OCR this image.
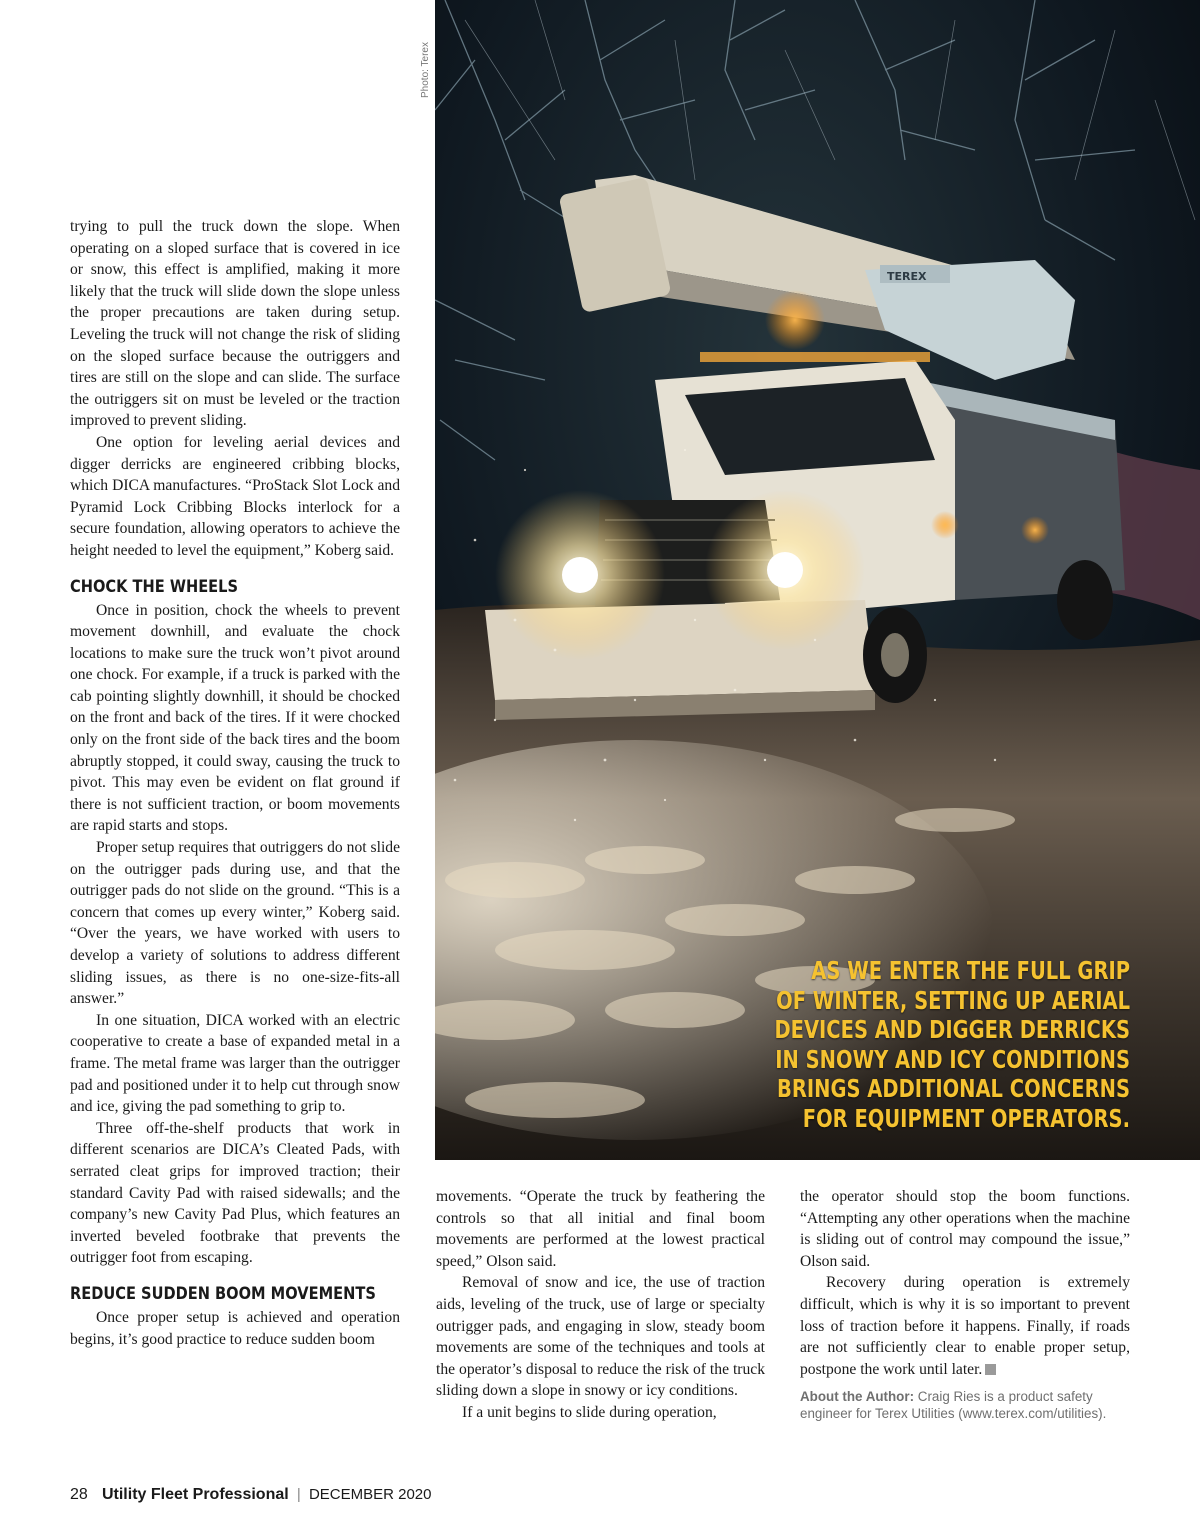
trying to pull the truck down the slope. When operating on a sloped surface that is covered in ice or snow, this effect is amplified, making it more likely that the truck will slide down the slope unless the proper precautions are taken during setup. Leveling the truck will not change the risk of sliding on the sloped surface because the outriggers and tires are still on the slope and can slide. The surface the outriggers sit on must be leveled or the traction improved to prevent sliding.

One option for leveling aerial devices and digger derricks are engineered cribbing blocks, which DICA manufactures. “ProStack Slot Lock and Pyramid Lock Cribbing Blocks interlock for a secure foundation, allowing operators to achieve the height needed to level the equipment,” Koberg said.

CHOCK THE WHEELS

Once in position, chock the wheels to prevent movement downhill, and evaluate the chock locations to make sure the truck won’t pivot around one chock. For example, if a truck is parked with the cab pointing slightly downhill, it should be chocked on the front and back of the tires. If it were chocked only on the front side of the back tires and the boom abruptly stopped, it could sway, causing the truck to pivot. This may even be evident on flat ground if there is not sufficient traction, or boom movements are rapid starts and stops.

Proper setup requires that outriggers do not slide on the outrigger pads during use, and that the outrigger pads do not slide on the ground. “This is a concern that comes up every winter,” Koberg said. “Over the years, we have worked with users to develop a variety of solutions to address different sliding issues, as there is no one-size-fits-all answer.”

In one situation, DICA worked with an electric cooperative to create a base of expanded metal in a frame. The metal frame was larger than the outrigger pad and positioned under it to help cut through snow and ice, giving the pad something to grip to.

Three off-the-shelf products that work in different scenarios are DICA’s Cleated Pads, with serrated cleat grips for improved traction; their standard Cavity Pad with raised sidewalls; and the company’s new Cavity Pad Plus, which features an inverted beveled footbrake that prevents the outrigger foot from escaping.

REDUCE SUDDEN BOOM MOVEMENTS

Once proper setup is achieved and operation begins, it’s good practice to reduce sudden boom

Photo: Terex
TEREX
AS WE ENTER THE FULL GRIP
OF WINTER, SETTING UP AERIAL
DEVICES AND DIGGER DERRICKS
IN SNOWY AND ICY CONDITIONS
BRINGS ADDITIONAL CONCERNS
FOR EQUIPMENT OPERATORS.

movements. “Operate the truck by feathering the controls so that all initial and final boom movements are performed at the lowest practical speed,” Olson said.

Removal of snow and ice, the use of traction aids, leveling of the truck, use of large or specialty outrigger pads, and engaging in slow, steady boom movements are some of the techniques and tools at the operator’s disposal to reduce the risk of the truck sliding down a slope in snowy or icy conditions.

If a unit begins to slide during operation,

the operator should stop the boom functions. “Attempting any other operations when the machine is sliding out of control may compound the issue,” Olson said.

Recovery during operation is extremely difficult, which is why it is so important to prevent loss of traction before it happens. Finally, if roads are not sufficiently clear to enable proper setup, postpone the work until later.

About the Author: Craig Ries is a product safety engineer for Terex Utilities (www.terex.com/utilities).
28 Utility Fleet Professional | DECEMBER 2020
